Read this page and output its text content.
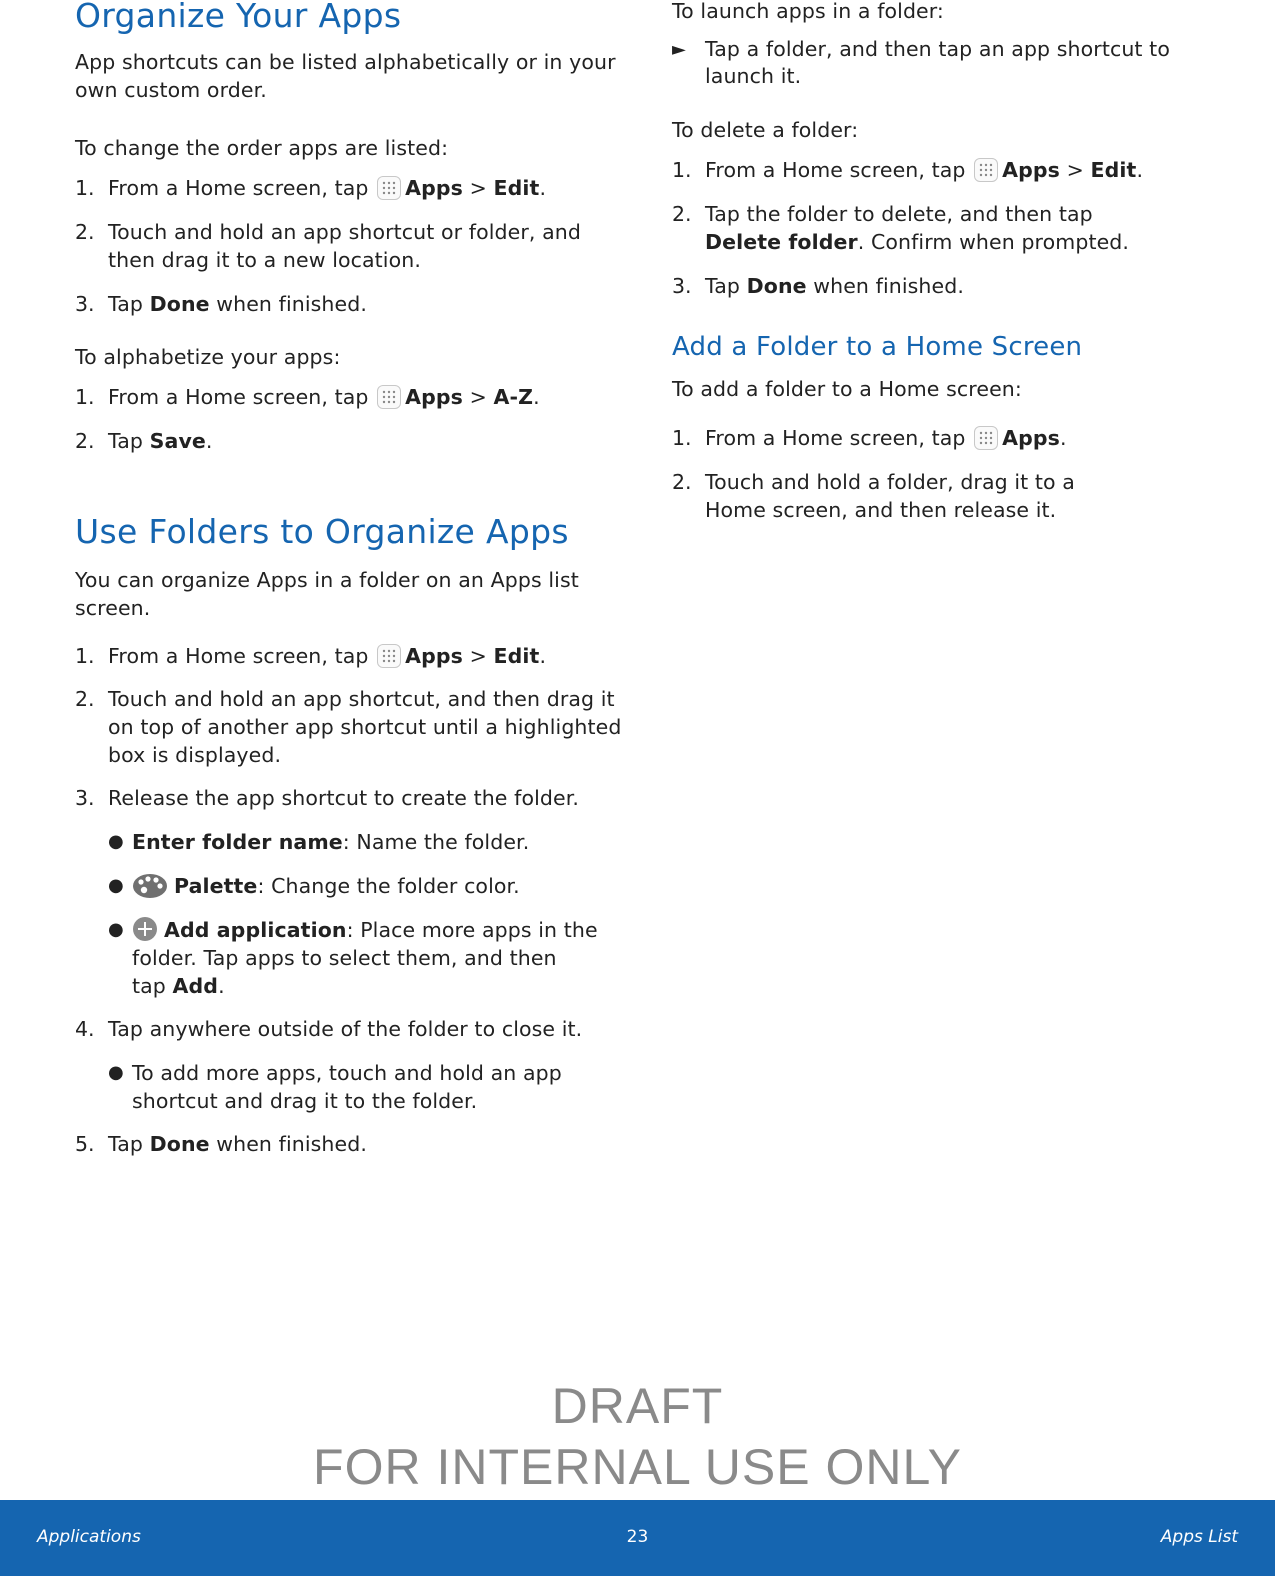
Organize Your Apps
App shortcuts can be listed alphabetically or in your
own custom order.
To change the order apps are listed:
1. From a Home screen, tap Apps > Edit.
2. Touch and hold an app shortcut or folder, and
then drag it to a new location.
3. Tap Done when finished.
To alphabetize your apps:
1. From a Home screen, tap Apps > A-Z.
2. Tap Save.
Use Folders to Organize Apps
You can organize Apps in a folder on an Apps list
screen.
1. From a Home screen, tap Apps > Edit.
2. Touch and hold an app shortcut, and then drag it
on top of another app shortcut until a highlighted
box is displayed.
3. Release the app shortcut to create the folder.
● Enter folder name: Name the folder.
●	Palette: Change the folder color.
●	Add application: Place more apps in the
folder. Tap apps to select them, and then
tap Add.
4. Tap anywhere outside of the folder to close it.
● To add more apps, touch and hold an app
shortcut and drag it to the folder.
5. Tap Done when finished.
To launch apps in a folder:
► Tap a folder, and then tap an app shortcut to
launch it.
To delete a folder:
1. From a Home screen, tap Apps > Edit.
2. Tap the folder to delete, and then tap
Delete folder. Confirm when prompted.
3. Tap Done when finished.
Add a Folder to a Home Screen
To add a folder to a Home screen:
1. From a Home screen, tap Apps.
2. Touch and hold a folder, drag it to a
Home screen, and then release it.
DRAFT
FOR INTERNAL USE ONLY
Applications	23	Apps List
